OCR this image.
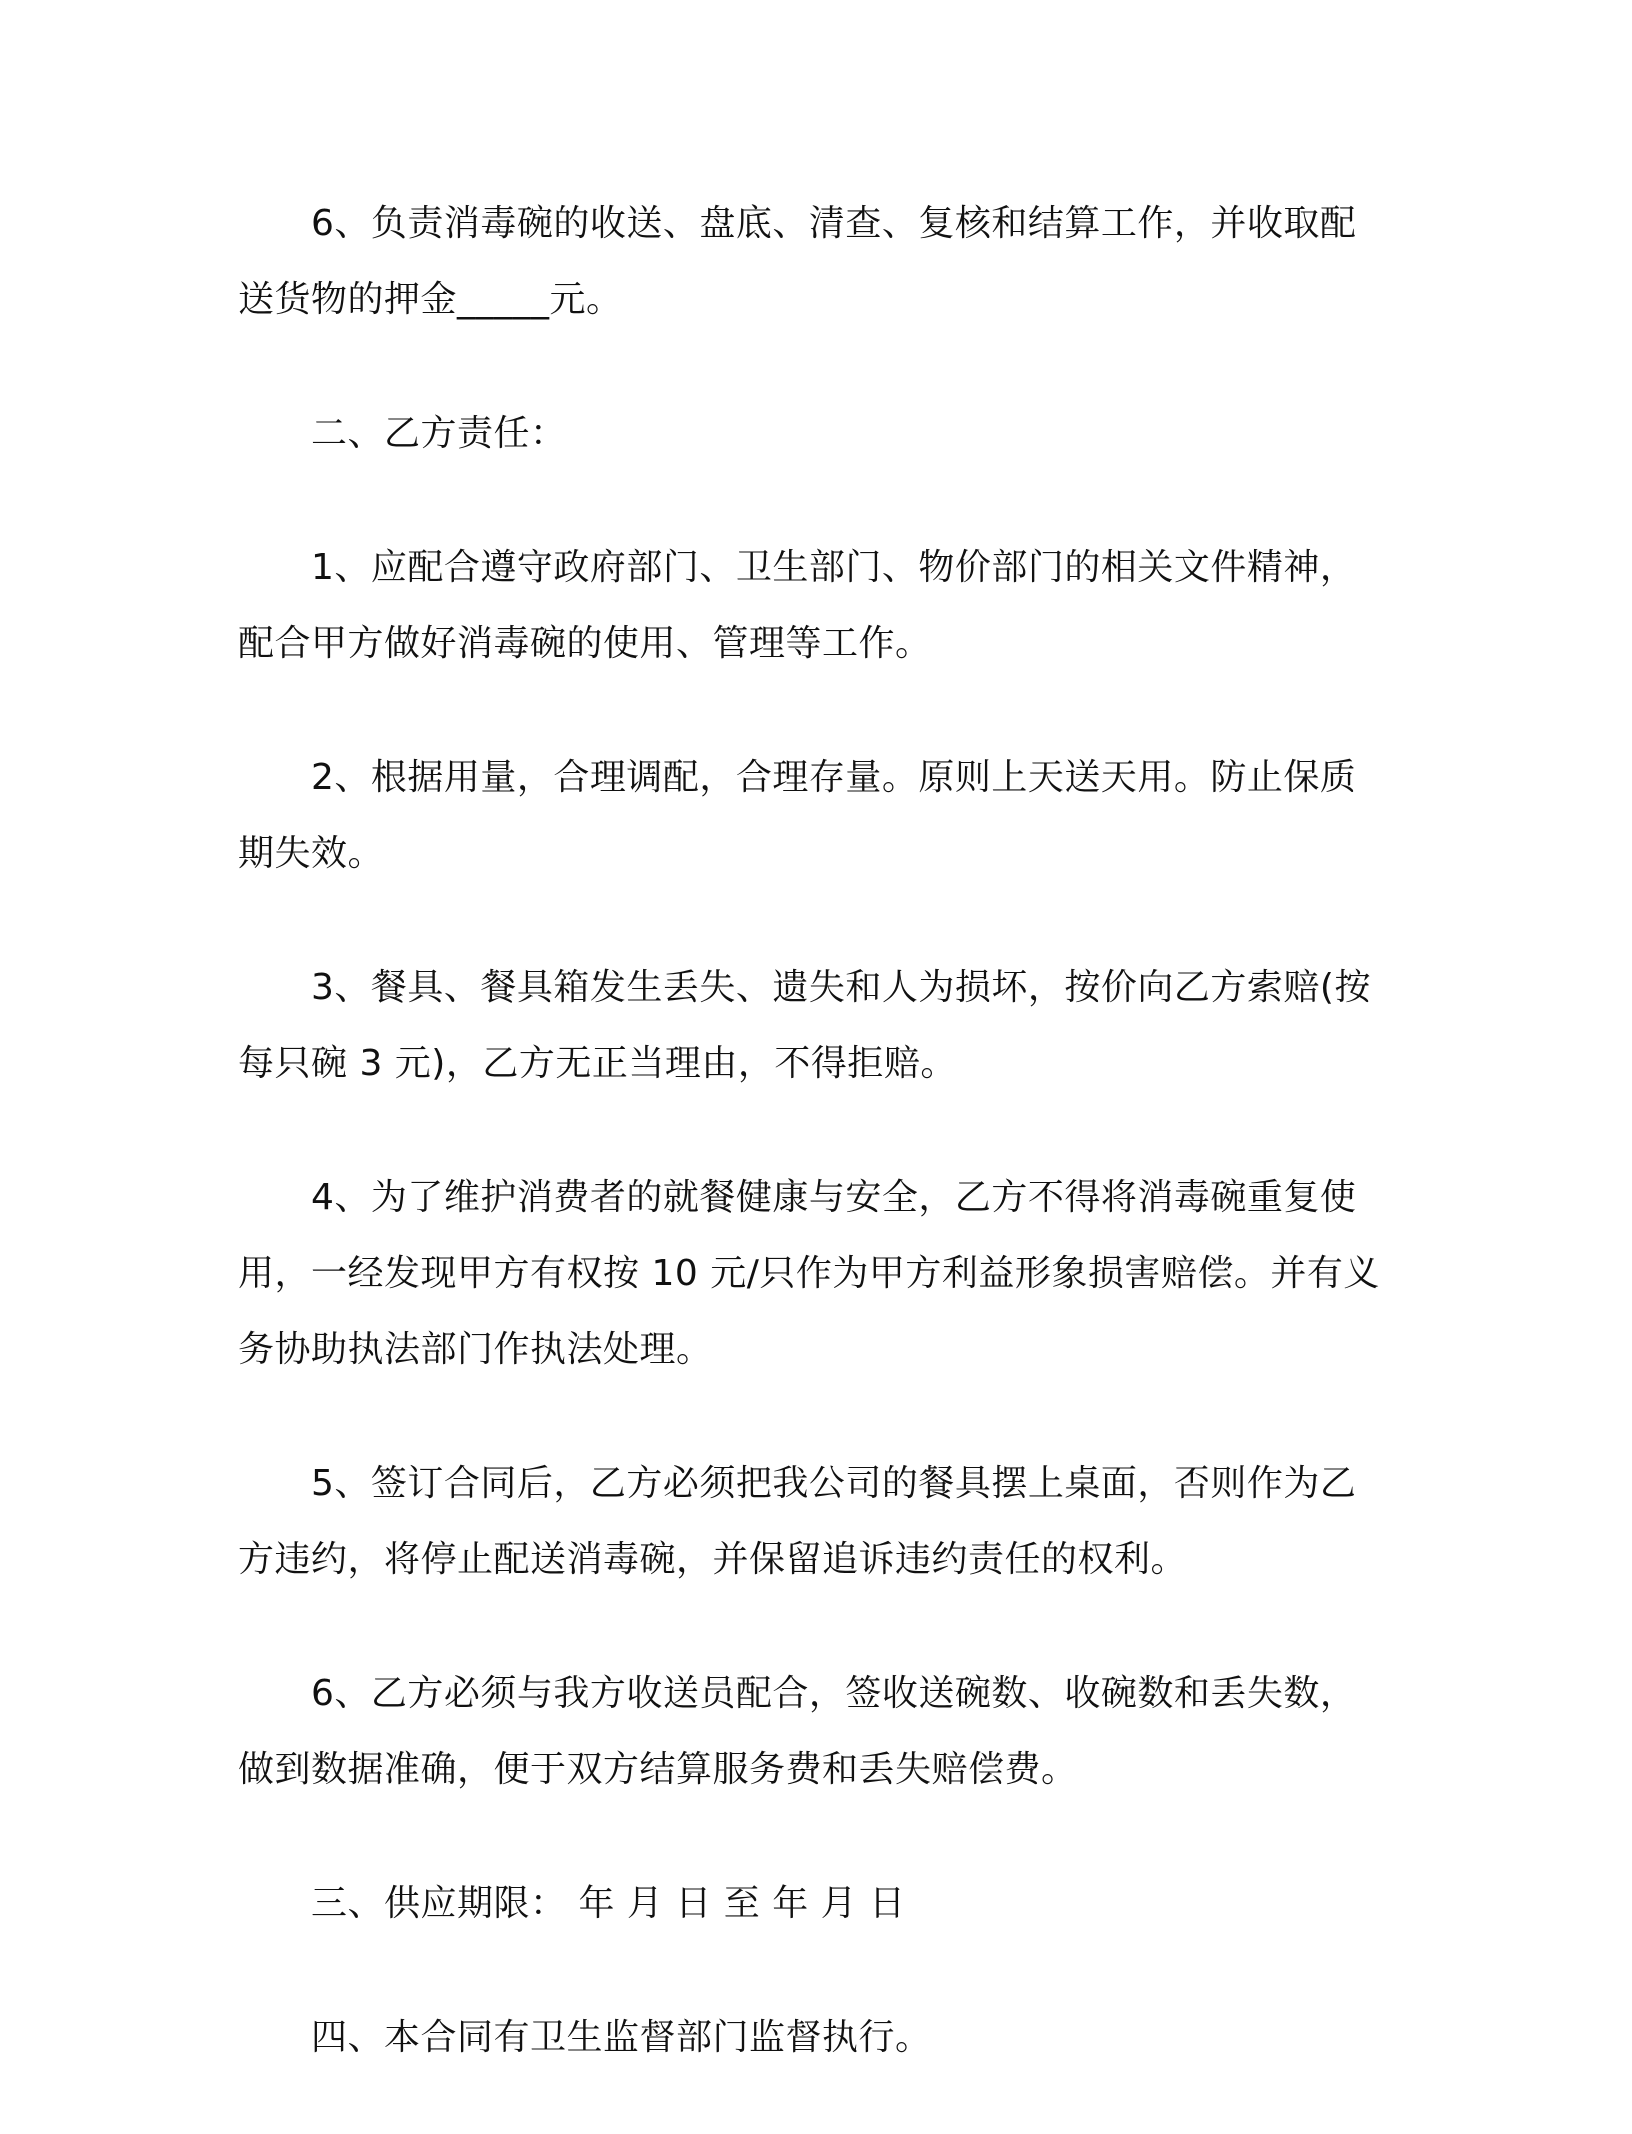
6、负责消毒碗的收送、盘底、清查、复核和结算工作，并收取配送货物的押金_____元。

二、乙方责任：

1、应配合遵守政府部门、卫生部门、物价部门的相关文件精神，配合甲方做好消毒碗的使用、管理等工作。

2、根据用量，合理调配，合理存量。原则上天送天用。防止保质期失效。

3、餐具、餐具箱发生丢失、遗失和人为损坏，按价向乙方索赔(按每只碗 3 元)，乙方无正当理由，不得拒赔。

4、为了维护消费者的就餐健康与安全，乙方不得将消毒碗重复使用，一经发现甲方有权按 10 元/只作为甲方利益形象损害赔偿。并有义务协助执法部门作执法处理。

5、签订合同后，乙方必须把我公司的餐具摆上桌面，否则作为乙方违约，将停止配送消毒碗，并保留追诉违约责任的权利。

6、乙方必须与我方收送员配合，签收送碗数、收碗数和丢失数，做到数据准确，便于双方结算服务费和丢失赔偿费。

三、供应期限： 年 月 日 至 年 月 日

四、本合同有卫生监督部门监督执行。
